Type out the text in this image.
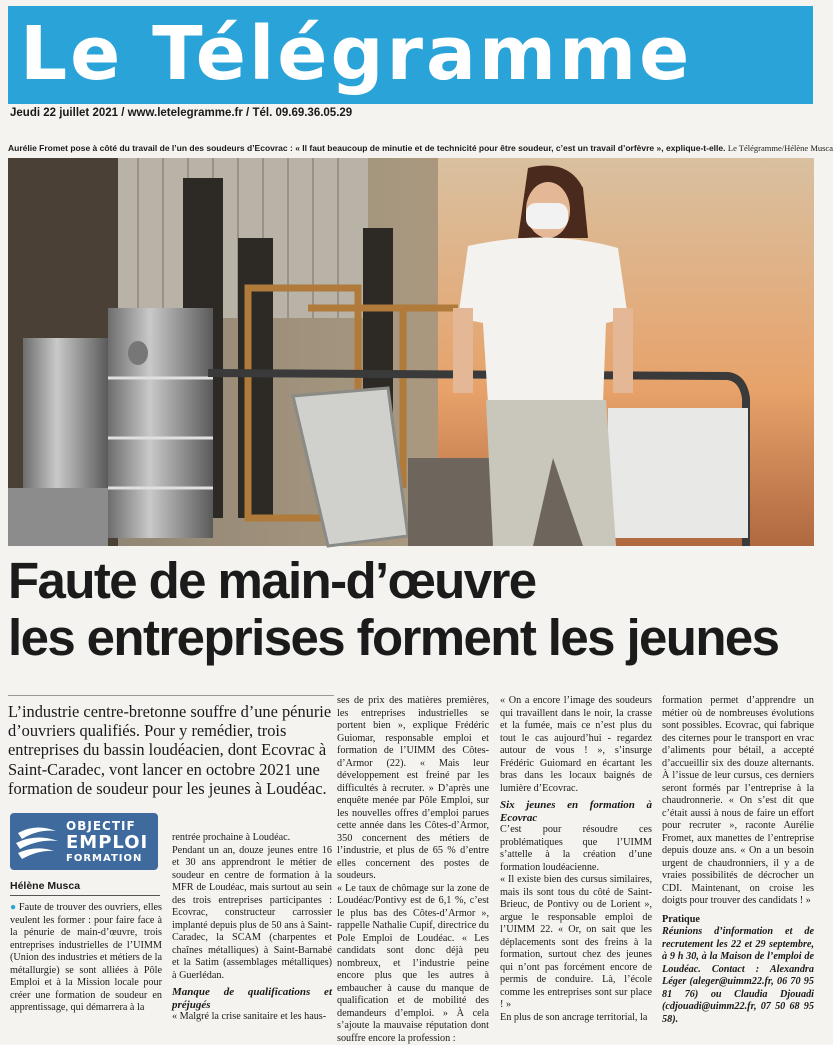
Le Télégramme
Jeudi 22 juillet 2021 / www.letelegramme.fr / Tél. 09.69.36.05.29
Aurélie Fromet pose à côté du travail de l’un des soudeurs d’Ecovrac : « Il faut beaucoup de minutie et de technicité pour être soudeur, c’est un travail d’orfèvre », explique-t-elle. Le Télégramme/Hélène Musca
Faute de main-d’œuvre
les entreprises forment les jeunes
L’industrie centre-bretonne souffre d’une pénurie d’ouvriers qualifiés. Pour y remédier, trois entreprises du bassin loudéacien, dont Ecovrac à Saint-Caradec, vont lancer en octobre 2021 une formation de soudeur pour les jeunes à Loudéac.
OBJECTIF
EMPLOI
FORMATION
Hélène Musca

● Faute de trouver des ouvriers, elles veulent les former : pour faire face à la pénurie de main-d’œuvre, trois entreprises industrielles de l’UIMM (Union des industries et métiers de la métallurgie) se sont alliées à Pôle Emploi et à la Mission locale pour créer une formation de soudeur en apprentissage, qui démarrera à la

rentrée prochaine à Loudéac.

Pendant un an, douze jeunes entre 16 et 30 ans apprendront le métier de soudeur en centre de formation à la MFR de Loudéac, mais surtout au sein des trois entreprises participantes : Ecovrac, constructeur carrossier implanté depuis plus de 50 ans à Saint-Caradec, la SCAM (charpentes et chaînes métalliques) à Saint-Barnabé et la Satim (assemblages métalliques) à Guerlédan.

Manque de qualifications et préjugés

« Malgré la crise sanitaire et les haus-

ses de prix des matières premières, les entreprises industrielles se portent bien », explique Frédéric Guiomar, responsable emploi et formation de l’UIMM des Côtes-d’Armor (22). « Mais leur développement est freiné par les difficultés à recruter. » D’après une enquête menée par Pôle Emploi, sur les nouvelles offres d’emploi parues cette année dans les Côtes-d’Armor, 350 concernent des métiers de l’industrie, et plus de 65 % d’entre elles concernent des postes de soudeurs.

« Le taux de chômage sur la zone de Loudéac/Pontivy est de 6,1 %, c’est le plus bas des Côtes-d’Armor », rappelle Nathalie Cupif, directrice du Pole Emploi de Loudéac. « Les candidats sont donc déjà peu nombreux, et l’industrie peine encore plus que les autres à embaucher à cause du manque de qualification et de mobilité des demandeurs d’emploi. » À cela s’ajoute la mauvaise réputation dont souffre encore la profession :

« On a encore l’image des soudeurs qui travaillent dans le noir, la crasse et la fumée, mais ce n’est plus du tout le cas aujourd’hui - regardez autour de vous ! », s’insurge Frédéric Guiomard en écartant les bras dans les locaux baignés de lumière d’Ecovrac.

Six jeunes en formation à Ecovrac

C’est pour résoudre ces problématiques que l’UIMM s’attelle à la création d’une formation loudéacienne.

« Il existe bien des cursus similaires, mais ils sont tous du côté de Saint-Brieuc, de Pontivy ou de Lorient », argue le responsable emploi de l’UIMM 22. « Or, on sait que les déplacements sont des freins à la formation, surtout chez des jeunes qui n’ont pas forcément encore de permis de conduire. Là, l’école comme les entreprises sont sur place ! »

En plus de son ancrage territorial, la

formation permet d’apprendre un métier où de nombreuses évolutions sont possibles. Ecovrac, qui fabrique des citernes pour le transport en vrac d’aliments pour bétail, a accepté d’accueillir six des douze alternants. À l’issue de leur cursus, ces derniers seront formés par l’entreprise à la chaudronnerie. « On s’est dit que c’était aussi à nous de faire un effort pour recruter », raconte Aurélie Fromet, aux manettes de l’entreprise depuis douze ans. « On a un besoin urgent de chaudronniers, il y a de vraies possibilités de décrocher un CDI. Maintenant, on croise les doigts pour trouver des candidats ! »

Pratique

Réunions d’information et de recrutement les 22 et 29 septembre, à 9 h 30, à la Maison de l’emploi de Loudéac. Contact : Alexandra Léger (aleger@uimm22.fr, 06 70 95 81 76) ou Claudia Djouadi (cdjouadi@uimm22.fr, 07 50 68 95 58).
